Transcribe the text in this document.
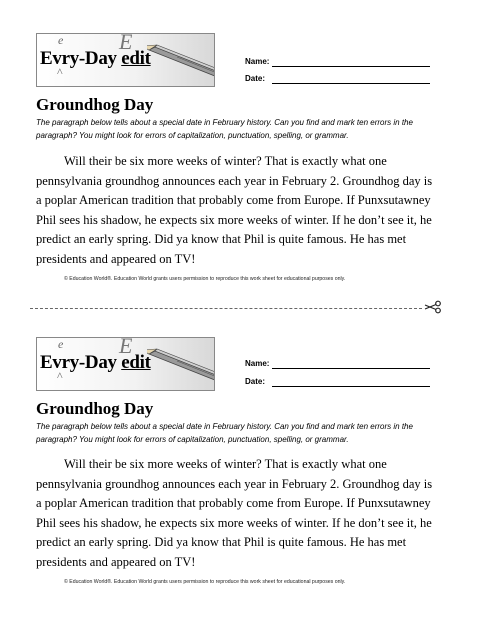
e
^
E
Evry-Day edit	Name:
Date:
Groundhog Day
The paragraph below tells about a special date in February history. Can you find and mark ten errors in the paragraph? You might look for errors of capitalization, punctuation, spelling, or grammar.
Will their be six more weeks of winter? That is exactly what one pennsylvania groundhog announces each year in February 2. Groundhog day is a poplar American tradition that probably come from Europe. If Punxsutawney Phil sees his shadow, he expects six more weeks of winter. If he don’t see it, he predict an early spring. Did ya know that Phil is quite famous. He has met presidents and appeared on TV!
© Education World®. Education World grants users permission to reproduce this work sheet for educational purposes only.
e
^
E
Evry-Day edit	Name:
Date:
Groundhog Day
The paragraph below tells about a special date in February history. Can you find and mark ten errors in the paragraph? You might look for errors of capitalization, punctuation, spelling, or grammar.
Will their be six more weeks of winter? That is exactly what one pennsylvania groundhog announces each year in February 2. Groundhog day is a poplar American tradition that probably come from Europe. If Punxsutawney Phil sees his shadow, he expects six more weeks of winter. If he don’t see it, he predict an early spring. Did ya know that Phil is quite famous. He has met presidents and appeared on TV!
© Education World®. Education World grants users permission to reproduce this work sheet for educational purposes only.
